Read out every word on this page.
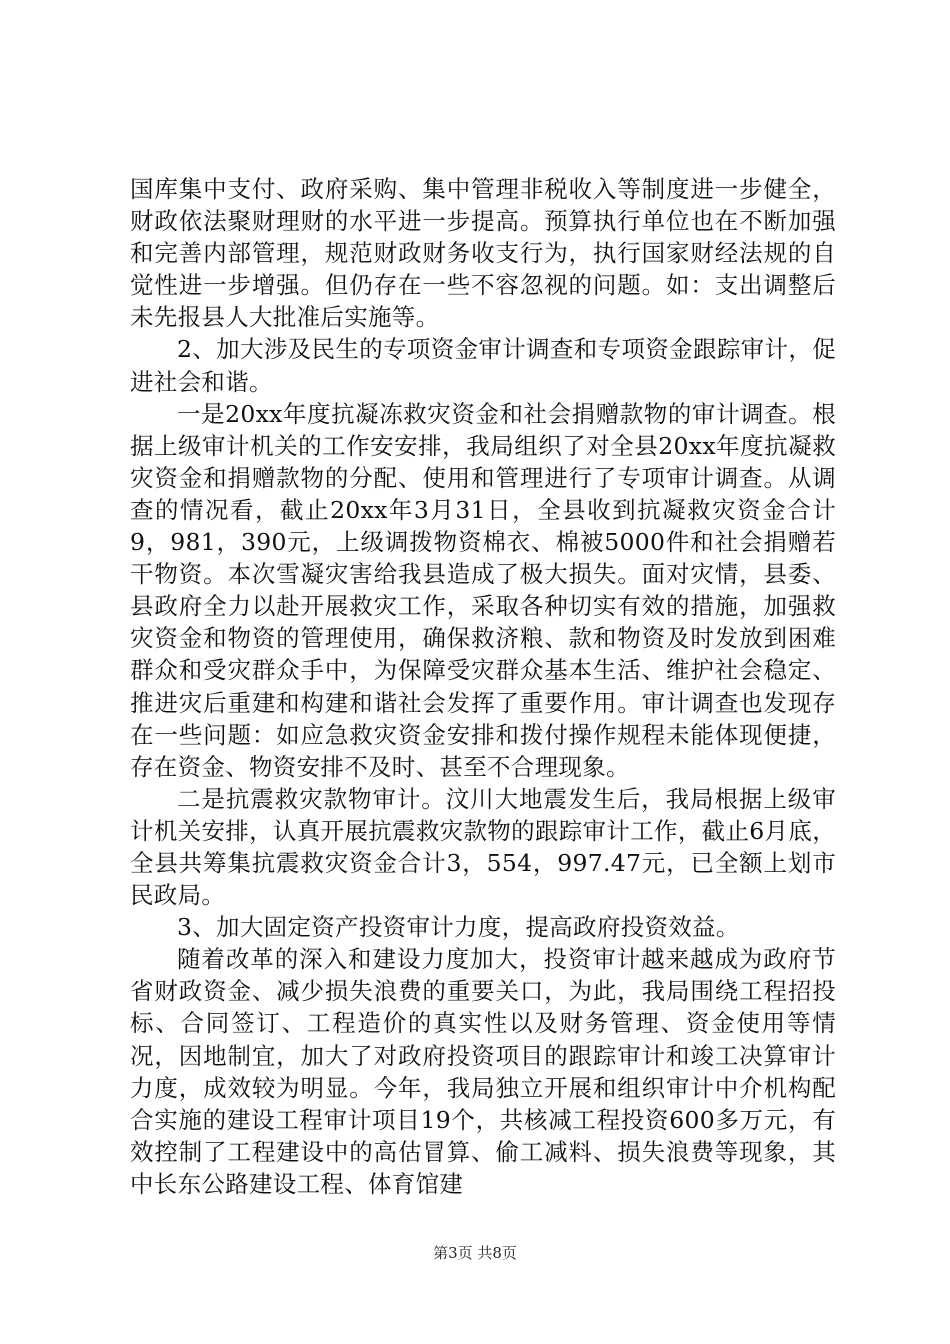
国库集中支付、政府采购、集中管理非税收入等制度进一步健全，财政依法聚财理财的水平进一步提高。预算执行单位也在不断加强和完善内部管理，规范财政财务收支行为，执行国家财经法规的自觉性进一步增强。但仍存在一些不容忽视的问题。如：支出调整后未先报县人大批准后实施等。

2、加大涉及民生的专项资金审计调查和专项资金跟踪审计，促进社会和谐。

一是20xx年度抗凝冻救灾资金和社会捐赠款物的审计调查。根据上级审计机关的工作安安排，我局组织了对全县20xx年度抗凝救灾资金和捐赠款物的分配、使用和管理进行了专项审计调查。从调查的情况看，截止20xx年3月31日，全县收到抗凝救灾资金合计9，981，390元，上级调拨物资棉衣、棉被5000件和社会捐赠若干物资。本次雪凝灾害给我县造成了极大损失。面对灾情，县委、县政府全力以赴开展救灾工作，采取各种切实有效的措施，加强救灾资金和物资的管理使用，确保救济粮、款和物资及时发放到困难群众和受灾群众手中，为保障受灾群众基本生活、维护社会稳定、推进灾后重建和构建和谐社会发挥了重要作用。审计调查也发现存在一些问题：如应急救灾资金安排和拨付操作规程未能体现便捷，存在资金、物资安排不及时、甚至不合理现象。

二是抗震救灾款物审计。汶川大地震发生后，我局根据上级审计机关安排，认真开展抗震救灾款物的跟踪审计工作，截止6月底，全县共筹集抗震救灾资金合计3，554，997.47元，已全额上划市民政局。

3、加大固定资产投资审计力度，提高政府投资效益。

随着改革的深入和建设力度加大，投资审计越来越成为政府节省财政资金、减少损失浪费的重要关口，为此，我局围绕工程招投标、合同签订、工程造价的真实性以及财务管理、资金使用等情况，因地制宜，加大了对政府投资项目的跟踪审计和竣工决算审计力度，成效较为明显。今年，我局独立开展和组织审计中介机构配合实施的建设工程审计项目19个，共核减工程投资600多万元，有效控制了工程建设中的高估冒算、偷工减料、损失浪费等现象，其中长东公路建设工程、体育馆建

第3页 共8页
